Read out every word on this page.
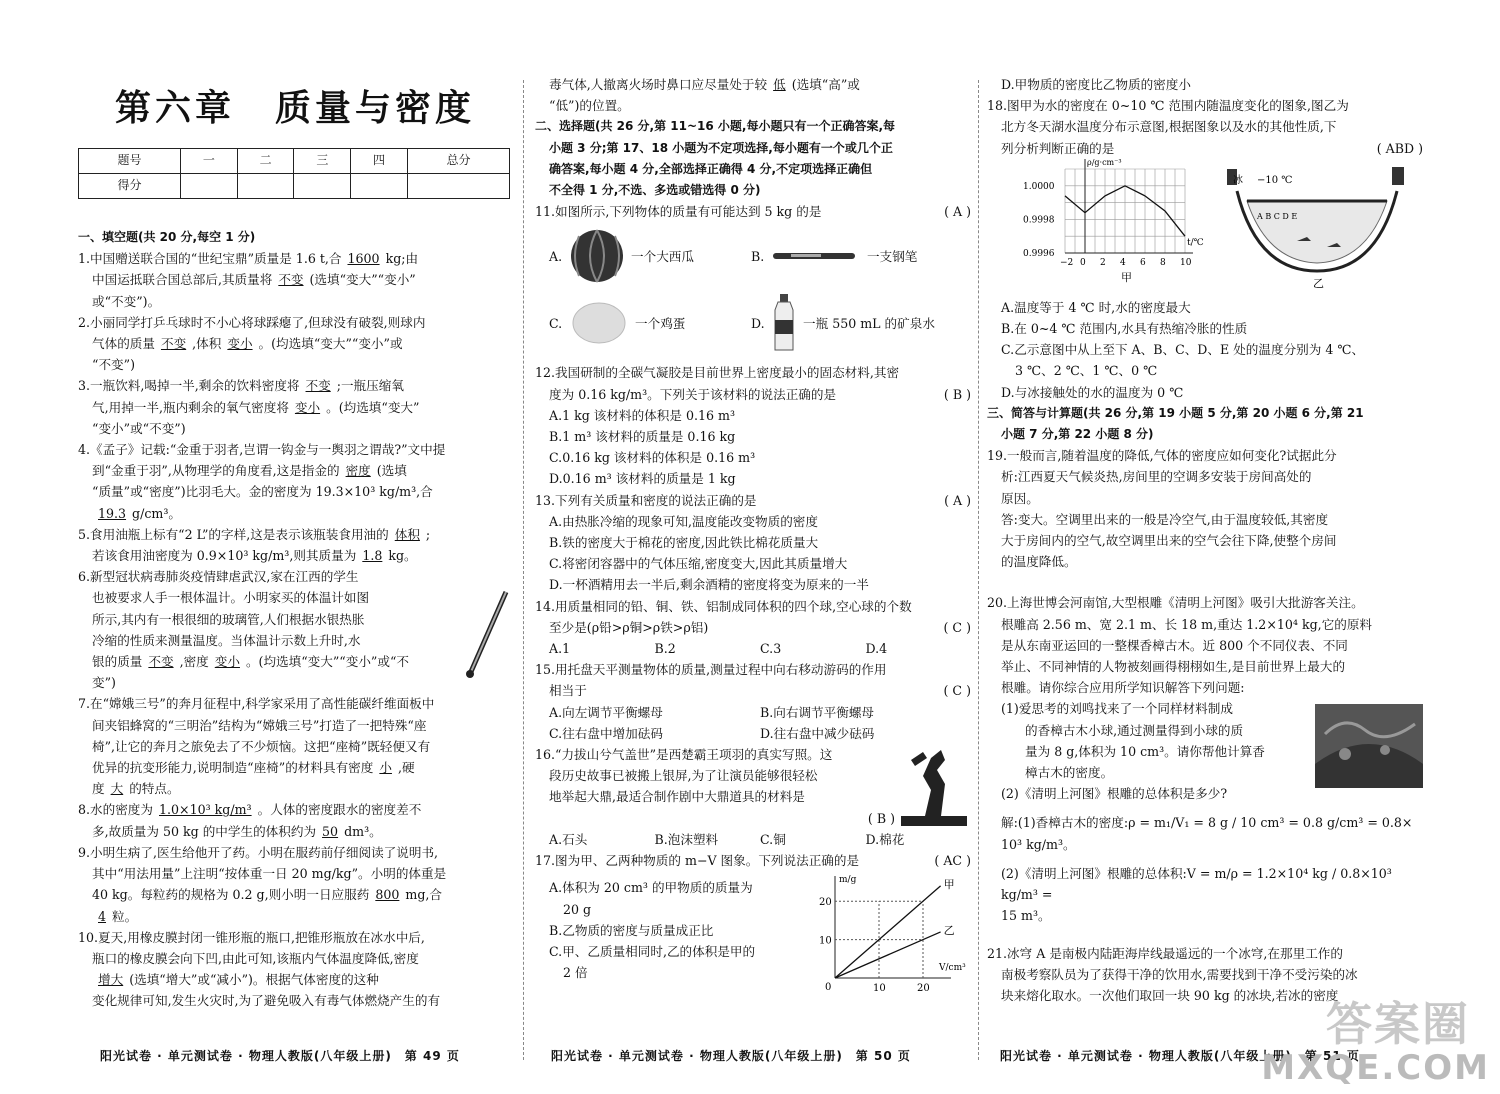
第六章　质量与密度
题号	一	二	三	四	总分
得分					
一、填空题(共 20 分,每空 1 分)
1.中国赠送联合国的“世纪宝鼎”质量是 1.6 t,合 1600 kg;由
中国运抵联合国总部后,其质量将 不变 (选填“变大”“变小”
或“不变”)。
2.小丽同学打乒乓球时不小心将球踩瘪了,但球没有破裂,则球内
气体的质量 不变 ,体积 变小 。(均选填“变大”“变小”或
“不变”)
3.一瓶饮料,喝掉一半,剩余的饮料密度将 不变 ;一瓶压缩氧
气,用掉一半,瓶内剩余的氧气密度将 变小 。(均选填“变大”
“变小”或“不变”)
4.《孟子》记载:“金重于羽者,岂谓一钩金与一舆羽之谓哉?”文中提
到“金重于羽”,从物理学的角度看,这是指金的 密度 (选填
“质量”或“密度”)比羽毛大。金的密度为 19.3×10³ kg/m³,合
19.3 g/cm³。
5.食用油瓶上标有“2 L”的字样,这是表示该瓶装食用油的 体积 ;
若该食用油密度为 0.9×10³ kg/m³,则其质量为 1.8 kg。
6.新型冠状病毒肺炎疫情肆虐武汉,家在江西的学生
也被要求人手一根体温计。小明家买的体温计如图
所示,其内有一根很细的玻璃管,人们根据水银热胀
冷缩的性质来测量温度。当体温计示数上升时,水
银的质量 不变 ,密度 变小 。(均选填“变大”“变小”或“不
变”)
7.在“嫦娥三号”的奔月征程中,科学家采用了高性能碳纤维面板中
间夹铝蜂窝的“三明治”结构为“嫦娥三号”打造了一把特殊“座
椅”,让它的奔月之旅免去了不少烦恼。这把“座椅”既轻便又有
优异的抗变形能力,说明制造“座椅”的材料具有密度 小 ,硬
度 大 的特点。
8.水的密度为 1.0×10³ kg/m³ 。人体的密度跟水的密度差不
多,故质量为 50 kg 的中学生的体积约为 50 dm³。
9.小明生病了,医生给他开了药。小明在服药前仔细阅读了说明书,
其中“用法用量”上注明“按体重一日 20 mg/kg”。小明的体重是
40 kg。每粒药的规格为 0.2 g,则小明一日应服药 800 mg,合
4 粒。
10.夏天,用橡皮膜封闭一锥形瓶的瓶口,把锥形瓶放在冰水中后,
瓶口的橡皮膜会向下凹,由此可知,该瓶内气体温度降低,密度
增大 (选填“增大”或“减小”)。根据气体密度的这种
变化规律可知,发生火灾时,为了避免吸入有毒气体燃烧产生的有
阳光试卷 · 单元测试卷 · 物理人教版(八年级上册)　第 49 页
毒气体,人撤离火场时鼻口应尽量处于较 低 (选填“高”或
“低”)的位置。
二、选择题(共 26 分,第 11~16 小题,每小题只有一个正确答案,每
小题 3 分;第 17、18 小题为不定项选择,每小题有一个或几个正
确答案,每小题 4 分,全部选择正确得 4 分,不定项选择正确但
不全得 1 分,不选、多选或错选得 0 分)
11.如图所示,下列物体的质量有可能达到 5 kg 的是	( A )
A.	一个大西瓜	B.	一支钢笔
C.	一个鸡蛋	D.	一瓶 550 mL 的矿泉水
12.我国研制的全碳气凝胶是目前世界上密度最小的固态材料,其密
度为 0.16 kg/m³。下列关于该材料的说法正确的是	( B )
A.1 kg 该材料的体积是 0.16 m³
B.1 m³ 该材料的质量是 0.16 kg
C.0.16 kg 该材料的体积是 0.16 m³
D.0.16 m³ 该材料的质量是 1 kg
13.下列有关质量和密度的说法正确的是	( A )
A.由热胀冷缩的现象可知,温度能改变物质的密度
B.铁的密度大于棉花的密度,因此铁比棉花质量大
C.将密闭容器中的气体压缩,密度变大,因此其质量增大
D.一杯酒精用去一半后,剩余酒精的密度将变为原来的一半
14.用质量相同的铅、铜、铁、铝制成同体积的四个球,空心球的个数
至少是(ρ铅>ρ铜>ρ铁>ρ铝)	( C )
A.1	B.2	C.3	D.4
15.用托盘天平测量物体的质量,测量过程中向右移动游码的作用
相当于	( C )
A.向左调节平衡螺母	B.向右调节平衡螺母
C.往右盘中增加砝码	D.往右盘中减少砝码
16.“力拔山兮气盖世”是西楚霸王项羽的真实写照。这
段历史故事已被搬上银屏,为了让演员能够很轻松
地举起大鼎,最适合制作剧中大鼎道具的材料是
( B )
A.石头	B.泡沫塑料	C.铜	D.棉花
17.图为甲、乙两种物质的 m−V 图象。下列说法正确的是	( AC )
A.体积为 20 cm³ 的甲物质的质量为
20 g
B.乙物质的密度与质量成正比
C.甲、乙质量相同时,乙的体积是甲的
2 倍	V/cm³
m/g
0	10
10
20
20
甲
乙
阳光试卷 · 单元测试卷 · 物理人教版(八年级上册)　第 50 页
D.甲物质的密度比乙物质的密度小
18.图甲为水的密度在 0~10 ℃ 范围内随温度变化的图象,图乙为
北方冬天湖水温度分布示意图,根据图象以及水的其他性质,下
列分析判断正确的是	( ABD )
ρ/g·cm⁻³
t/℃
−2 0 2 4 6 8 10
1.0000
0.9998
0.9996
甲
冰 −10 ℃
A B C D E
乙
A.温度等于 4 ℃ 时,水的密度最大
B.在 0~4 ℃ 范围内,水具有热缩冷胀的性质
C.乙示意图中从上至下 A、B、C、D、E 处的温度分别为 4 ℃、
3 ℃、2 ℃、1 ℃、0 ℃
D.与冰接触处的水的温度为 0 ℃
三、简答与计算题(共 26 分,第 19 小题 5 分,第 20 小题 6 分,第 21
小题 7 分,第 22 小题 8 分)
19.一般而言,随着温度的降低,气体的密度应如何变化?试据此分
析:江西夏天气候炎热,房间里的空调多安装于房间高处的
原因。
答:变大。空调里出来的一般是冷空气,由于温度较低,其密度
大于房间内的空气,故空调里出来的空气会往下降,使整个房间
的温度降低。
20.上海世博会河南馆,大型根雕《清明上河图》吸引大批游客关注。
根雕高 2.56 m、宽 2.1 m、长 18 m,重达 1.2×10⁴ kg,它的原料
是从东南亚运回的一整棵香樟古木。近 800 个不同仪表、不同
举止、不同神情的人物被刻画得栩栩如生,是目前世界上最大的
根雕。请你综合应用所学知识解答下列问题:
(1)爱思考的刘鸣找来了一个同样材料制成
的香樟古木小球,通过测量得到小球的质
量为 8 g,体积为 10 cm³。请你帮他计算香
樟古木的密度。
(2)《清明上河图》根雕的总体积是多少?
解:(1)香樟古木的密度:ρ = m₁/V₁ = 8 g / 10 cm³ = 0.8 g/cm³ = 0.8×
10³ kg/m³。
(2)《清明上河图》根雕的总体积:V = m/ρ = 1.2×10⁴ kg / 0.8×10³ kg/m³ =
15 m³。
21.冰穹 A 是南极内陆距海岸线最遥远的一个冰穹,在那里工作的
南极考察队员为了获得干净的饮用水,需要找到干净不受污染的冰
块来熔化取水。一次他们取回一块 90 kg 的冰块,若冰的密度
阳光试卷 · 单元测试卷 · 物理人教版(八年级上册)　第 51 页
答案圈
MXQE.COM
